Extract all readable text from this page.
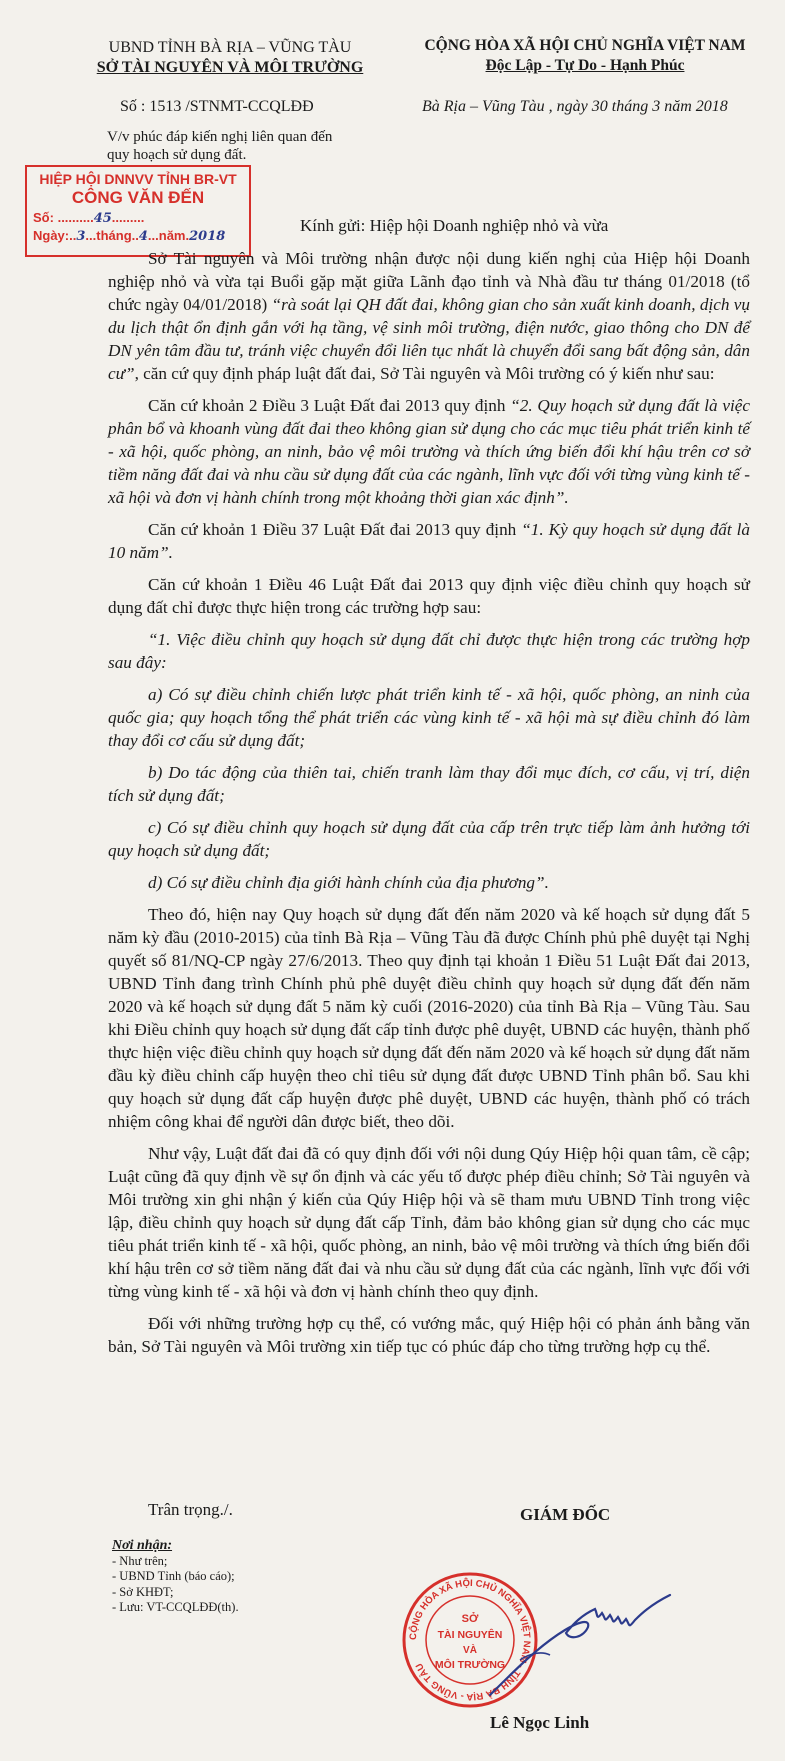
UBND TỈNH BÀ RỊA – VŨNG TÀU
SỞ TÀI NGUYÊN VÀ MÔI TRƯỜNG
CỘNG HÒA XÃ HỘI CHỦ NGHĨA VIỆT NAM
Độc Lập - Tự Do - Hạnh Phúc
Số : 1513 /STNMT-CCQLĐĐ	Bà Rịa – Vũng Tàu , ngày 30 tháng 3 năm 2018
V/v phúc đáp kiến nghị liên quan đến quy hoạch sử dụng đất.
HIỆP HỘI DNNVV TỈNH BR-VT
CÔNG VĂN ĐẾN
Số: ..........45.........
Ngày:..3...tháng..4...năm.2018
Kính gửi: Hiệp hội Doanh nghiệp nhỏ và vừa

Sở Tài nguyên và Môi trường nhận được nội dung kiến nghị của Hiệp hội Doanh nghiệp nhỏ và vừa tại Buổi gặp mặt giữa Lãnh đạo tỉnh và Nhà đầu tư tháng 01/2018 (tổ chức ngày 04/01/2018) “rà soát lại QH đất đai, không gian cho sản xuất kinh doanh, dịch vụ du lịch thật ổn định gắn với hạ tầng, vệ sinh môi trường, điện nước, giao thông cho DN để DN yên tâm đầu tư, tránh việc chuyển đổi liên tục nhất là chuyển đổi sang bất động sản, dân cư”, căn cứ quy định pháp luật đất đai, Sở Tài nguyên và Môi trường có ý kiến như sau:

Căn cứ khoản 2 Điều 3 Luật Đất đai 2013 quy định “2. Quy hoạch sử dụng đất là việc phân bổ và khoanh vùng đất đai theo không gian sử dụng cho các mục tiêu phát triển kinh tế - xã hội, quốc phòng, an ninh, bảo vệ môi trường và thích ứng biến đổi khí hậu trên cơ sở tiềm năng đất đai và nhu cầu sử dụng đất của các ngành, lĩnh vực đối với từng vùng kinh tế - xã hội và đơn vị hành chính trong một khoảng thời gian xác định”.

Căn cứ khoản 1 Điều 37 Luật Đất đai 2013 quy định “1. Kỳ quy hoạch sử dụng đất là 10 năm”.

Căn cứ khoản 1 Điều 46 Luật Đất đai 2013 quy định việc điều chỉnh quy hoạch sử dụng đất chỉ được thực hiện trong các trường hợp sau:

“1. Việc điều chỉnh quy hoạch sử dụng đất chỉ được thực hiện trong các trường hợp sau đây:

a) Có sự điều chỉnh chiến lược phát triển kinh tế - xã hội, quốc phòng, an ninh của quốc gia; quy hoạch tổng thể phát triển các vùng kinh tế - xã hội mà sự điều chỉnh đó làm thay đổi cơ cấu sử dụng đất;

b) Do tác động của thiên tai, chiến tranh làm thay đổi mục đích, cơ cấu, vị trí, diện tích sử dụng đất;

c) Có sự điều chỉnh quy hoạch sử dụng đất của cấp trên trực tiếp làm ảnh hưởng tới quy hoạch sử dụng đất;

d) Có sự điều chỉnh địa giới hành chính của địa phương”.

Theo đó, hiện nay Quy hoạch sử dụng đất đến năm 2020 và kế hoạch sử dụng đất 5 năm kỳ đầu (2010-2015) của tỉnh Bà Rịa – Vũng Tàu đã được Chính phủ phê duyệt tại Nghị quyết số 81/NQ-CP ngày 27/6/2013. Theo quy định tại khoản 1 Điều 51 Luật Đất đai 2013, UBND Tỉnh đang trình Chính phủ phê duyệt điều chỉnh quy hoạch sử dụng đất đến năm 2020 và kế hoạch sử dụng đất 5 năm kỳ cuối (2016-2020) của tỉnh Bà Rịa – Vũng Tàu. Sau khi Điều chỉnh quy hoạch sử dụng đất cấp tỉnh được phê duyệt, UBND các huyện, thành phố thực hiện việc điều chỉnh quy hoạch sử dụng đất đến năm 2020 và kế hoạch sử dụng đất năm đầu kỳ điều chỉnh cấp huyện theo chỉ tiêu sử dụng đất được UBND Tỉnh phân bổ. Sau khi quy hoạch sử dụng đất cấp huyện được phê duyệt, UBND các huyện, thành phố có trách nhiệm công khai để người dân được biết, theo dõi.

Như vậy, Luật đất đai đã có quy định đối với nội dung Qúy Hiệp hội quan tâm, cề cập; Luật cũng đã quy định về sự ổn định và các yếu tố được phép điều chỉnh; Sở Tài nguyên và Môi trường xin ghi nhận ý kiến của Qúy Hiệp hội và sẽ tham mưu UBND Tỉnh trong việc lập, điều chỉnh quy hoạch sử dụng đất cấp Tỉnh, đảm bảo không gian sử dụng cho các mục tiêu phát triển kinh tế - xã hội, quốc phòng, an ninh, bảo vệ môi trường và thích ứng biến đổi khí hậu trên cơ sở tiềm năng đất đai và nhu cầu sử dụng đất của các ngành, lĩnh vực đối với từng vùng kinh tế - xã hội và đơn vị hành chính theo quy định.

Đối với những trường hợp cụ thể, có vướng mắc, quý Hiệp hội có phản ánh bằng văn bản, Sở Tài nguyên và Môi trường xin tiếp tục có phúc đáp cho từng trường hợp cụ thể.

Trân trọng./.	GIÁM ĐỐC
Nơi nhận:
- Như trên;
- UBND Tỉnh (báo cáo);
- Sở KHĐT;
- Lưu: VT-CCQLĐĐ(th).
CỘNG HÒA XÃ HỘI CHỦ NGHĨA VIỆT NAM · TỈNH BÀ RỊA - VŨNG TÀU
SỞ
TÀI NGUYÊN
VÀ
MÔI TRƯỜNG
Lê Ngọc Linh
